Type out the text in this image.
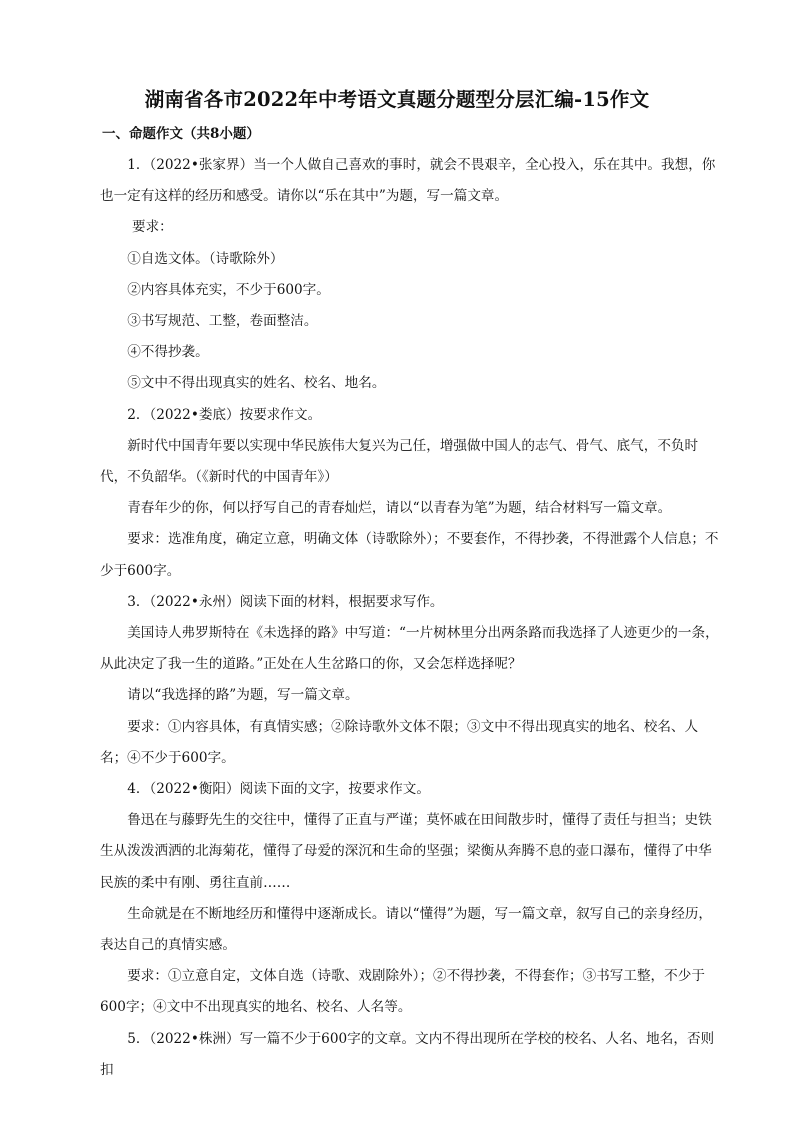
湖南省各市2022年中考语文真题分题型分层汇编-15作文
一、命题作文（共8小题）

1．（2022•张家界）当一个人做自己喜欢的事时，就会不畏艰辛，全心投入，乐在其中。我想，你也一定有这样的经历和感受。请你以“乐在其中”为题，写一篇文章。

要求：

①自选文体。（诗歌除外）

②内容具体充实，不少于600字。

③书写规范、工整，卷面整洁。

④不得抄袭。

⑤文中不得出现真实的姓名、校名、地名。

2．（2022•娄底）按要求作文。

新时代中国青年要以实现中华民族伟大复兴为己任，增强做中国人的志气、骨气、底气，不负时代，不负韶华。（《新时代的中国青年》）

青春年少的你，何以抒写自己的青春灿烂，请以“以青春为笔”为题，结合材料写一篇文章。

要求：选准角度，确定立意，明确文体（诗歌除外）；不要套作，不得抄袭，不得泄露个人信息；不少于600字。

3．（2022•永州）阅读下面的材料，根据要求写作。

美国诗人弗罗斯特在《未选择的路》中写道：“一片树林里分出两条路而我选择了人迹更少的一条，从此决定了我一生的道路。”正处在人生岔路口的你，又会怎样选择呢？

请以“我选择的路”为题，写一篇文章。

要求：①内容具体，有真情实感；②除诗歌外文体不限；③文中不得出现真实的地名、校名、人名；④不少于600字。

4．（2022•衡阳）阅读下面的文字，按要求作文。

鲁迅在与藤野先生的交往中，懂得了正直与严谨；莫怀戚在田间散步时，懂得了责任与担当；史铁生从泼泼洒洒的北海菊花，懂得了母爱的深沉和生命的坚强；梁衡从奔腾不息的壶口瀑布，懂得了中华民族的柔中有刚、勇往直前……

生命就是在不断地经历和懂得中逐渐成长。请以“懂得”为题，写一篇文章，叙写自己的亲身经历，表达自己的真情实感。

要求：①立意自定，文体自选（诗歌、戏剧除外）；②不得抄袭，不得套作；③书写工整，不少于600字；④文中不出现真实的地名、校名、人名等。

5．（2022•株洲）写一篇不少于600字的文章。文内不得出现所在学校的校名、人名、地名，否则扣
